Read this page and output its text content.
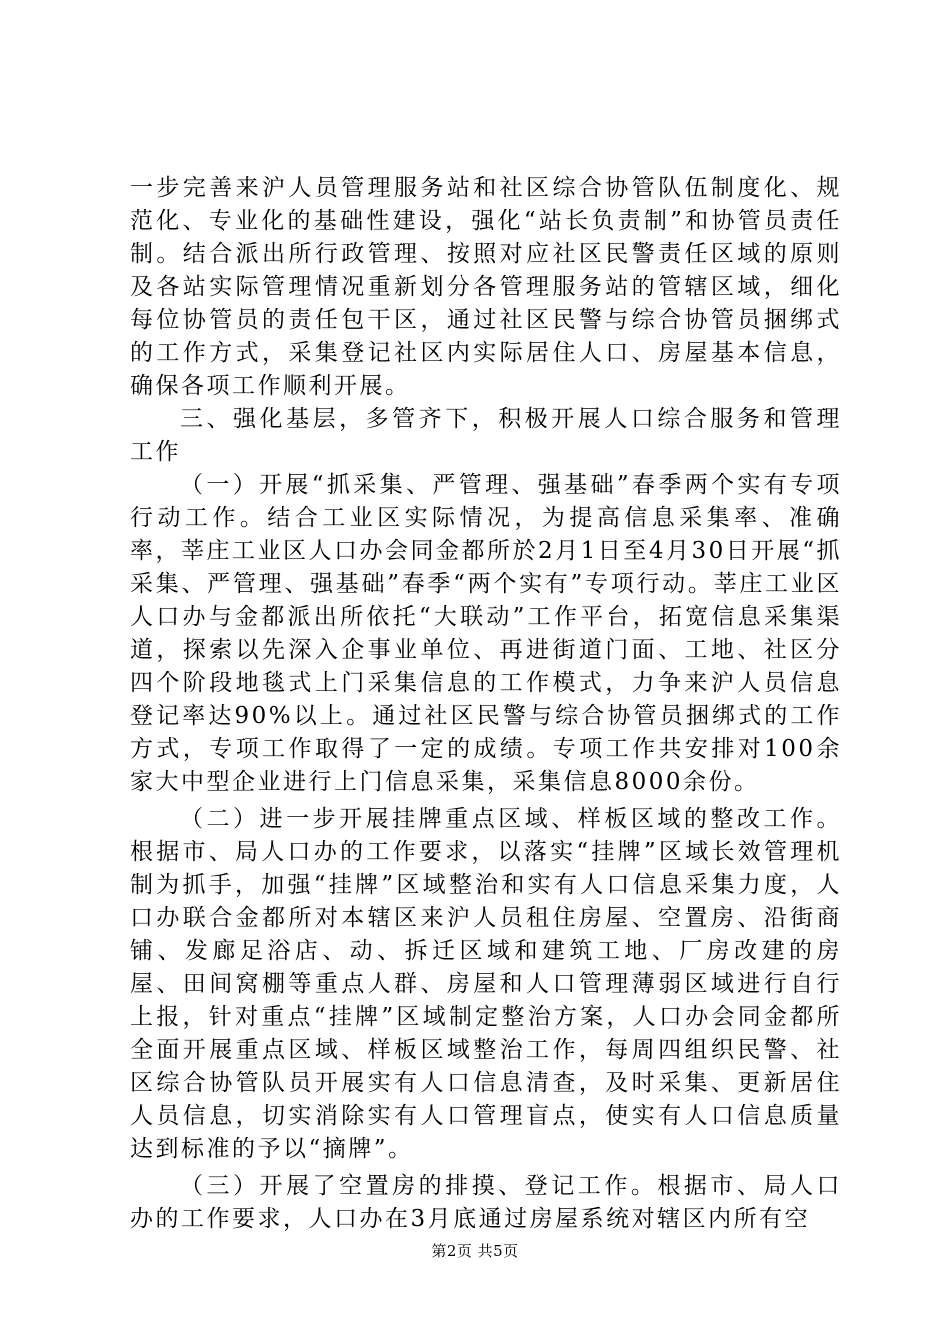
一步完善来沪人员管理服务站和社区综合协管队伍制度化、规范化、专业化的基础性建设，强化“站长负责制”和协管员责任制。结合派出所行政管理、按照对应社区民警责任区域的原则及各站实际管理情况重新划分各管理服务站的管辖区域，细化每位协管员的责任包干区，通过社区民警与综合协管员捆绑式的工作方式，采集登记社区内实际居住人口、房屋基本信息，确保各项工作顺利开展。

三、强化基层，多管齐下，积极开展人口综合服务和管理工作

（一）开展“抓采集、严管理、强基础”春季两个实有专项行动工作。结合工业区实际情况，为提高信息采集率、准确率，莘庄工业区人口办会同金都所於2月1日至4月30日开展“抓采集、严管理、强基础”春季“两个实有”专项行动。莘庄工业区人口办与金都派出所依托“大联动”工作平台，拓宽信息采集渠道，探索以先深入企事业单位、再进街道门面、工地、社区分四个阶段地毯式上门采集信息的工作模式，力争来沪人员信息登记率达90%以上。通过社区民警与综合协管员捆绑式的工作方式，专项工作取得了一定的成绩。专项工作共安排对100余家大中型企业进行上门信息采集，采集信息8000余份。

（二）进一步开展挂牌重点区域、样板区域的整改工作。根据市、局人口办的工作要求，以落实“挂牌”区域长效管理机制为抓手，加强“挂牌”区域整治和实有人口信息采集力度，人口办联合金都所对本辖区来沪人员租住房屋、空置房、沿街商铺、发廊足浴店、动、拆迁区域和建筑工地、厂房改建的房屋、田间窝棚等重点人群、房屋和人口管理薄弱区域进行自行上报，针对重点“挂牌”区域制定整治方案，人口办会同金都所全面开展重点区域、样板区域整治工作，每周四组织民警、社区综合协管队员开展实有人口信息清查，及时采集、更新居住人员信息，切实消除实有人口管理盲点，使实有人口信息质量达到标准的予以“摘牌”。

（三）开展了空置房的排摸、登记工作。根据市、局人口办的工作要求，人口办在3月底通过房屋系统对辖区内所有空

第2页 共5页
